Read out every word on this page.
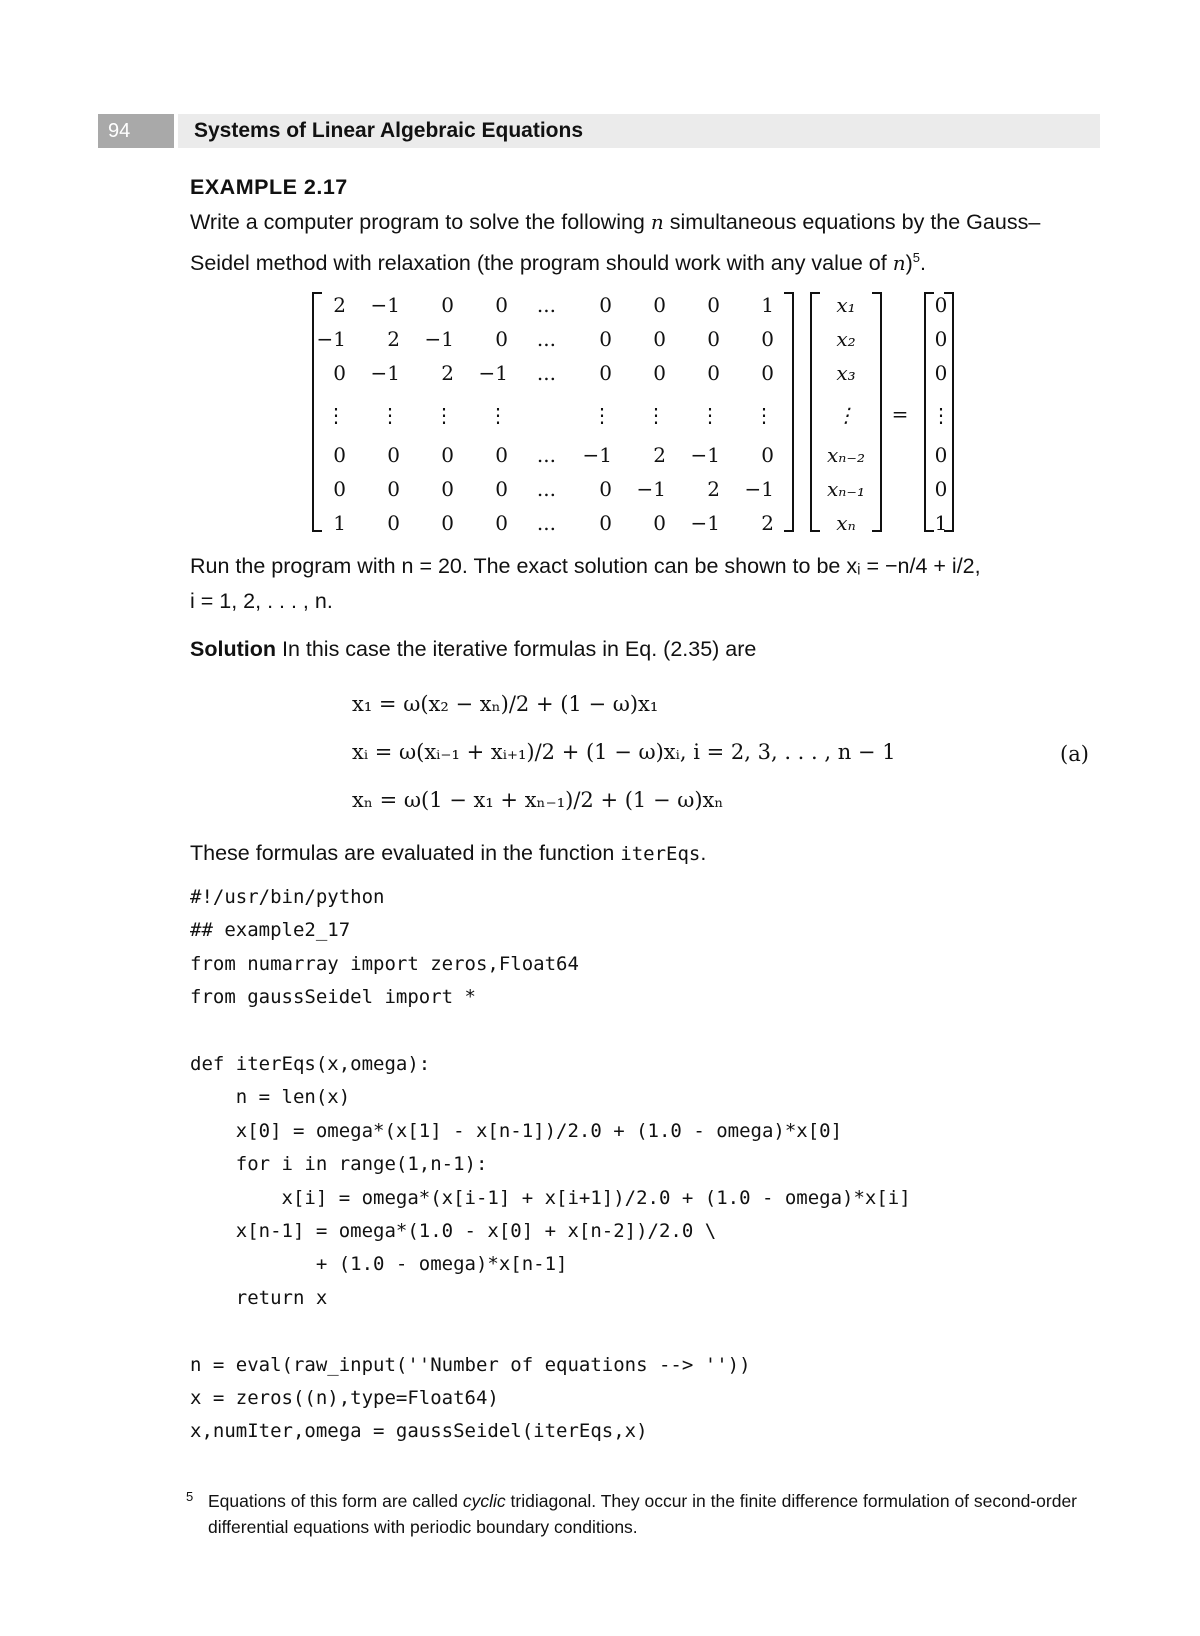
94	Systems of Linear Algebraic Equations
EXAMPLE 2.17
Write a computer program to solve the following n simultaneous equations by the Gauss–Seidel method with relaxation (the program should work with any value of n)$^5$.
=
2	−1	0	0	...	0	0	0	1
−1	2	−1	0	...	0	0	0	0
0	−1	2	−1	...	0	0	0	0
⋮	⋮	⋮	⋮	⋮	⋮	⋮	⋮
0	0	0	0	...	−1	2	−1	0
0	0	0	0	...	0	−1	2	−1
1	0	0	0	...	0	0	−1	2
x₁
x₂
x₃
⋮
xₙ₋₂
xₙ₋₁
xₙ
0
0
0
⋮
0
0
1
Run the program with n = 20. The exact solution can be shown to be xᵢ = −n/4 + i/2,
i = 1, 2, . . . , n.
Solution In this case the iterative formulas in Eq. (2.35) are
x₁ = ω(x₂ − xₙ)/2 + (1 − ω)x₁
xᵢ = ω(xᵢ₋₁ + xᵢ₊₁)/2 + (1 − ω)xᵢ, i = 2, 3, . . . , n − 1	(a)
xₙ = ω(1 − x₁ + xₙ₋₁)/2 + (1 − ω)xₙ
These formulas are evaluated in the function iterEqs.
#!/usr/bin/python
## example2_17
from numarray import zeros,Float64
from gaussSeidel import *
def iterEqs(x,omega):
n = len(x)
x[0] = omega*(x[1] - x[n-1])/2.0 + (1.0 - omega)*x[0]
for i in range(1,n-1):
x[i] = omega*(x[i-1] + x[i+1])/2.0 + (1.0 - omega)*x[i]
x[n-1] = omega*(1.0 - x[0] + x[n-2])/2.0 \
+ (1.0 - omega)*x[n-1]
return x
n = eval(raw_input(''Number of equations --> ''))
x = zeros((n),type=Float64)
x,numIter,omega = gaussSeidel(iterEqs,x)
5 Equations of this form are called cyclic tridiagonal. They occur in the finite difference formulation of second-order differential equations with periodic boundary conditions.
